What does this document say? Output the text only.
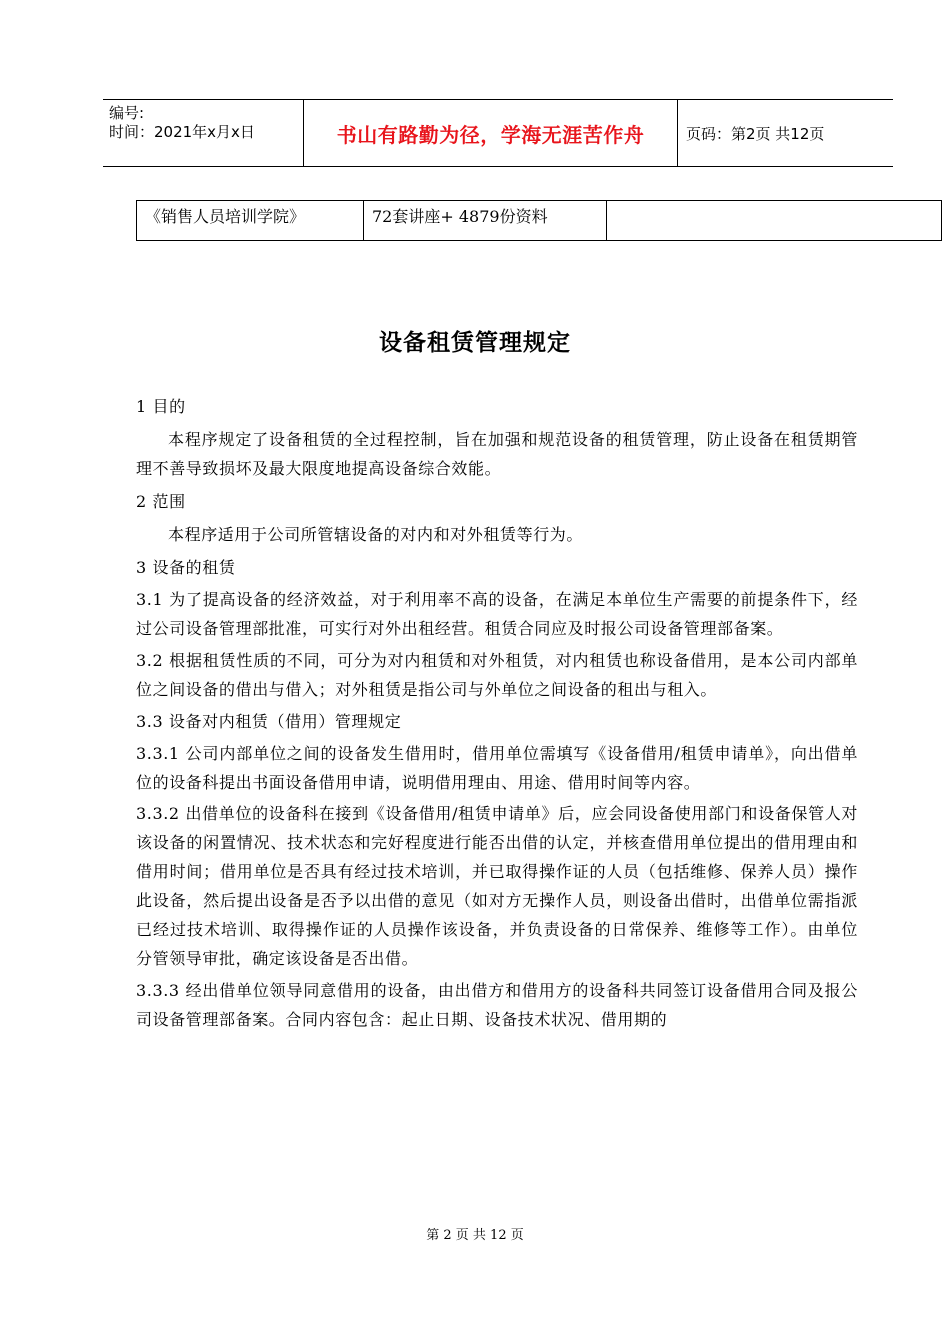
编号:
时间：2021年x月x日	书山有路勤为径，学海无涯苦作舟	页码：第2页 共12页
《销售人员培训学院》	72套讲座+ 4879份资料
设备租赁管理规定

1 目的

本程序规定了设备租赁的全过程控制，旨在加强和规范设备的租赁管理，防止设备在租赁期管理不善导致损坏及最大限度地提高设备综合效能。

2 范围

本程序适用于公司所管辖设备的对内和对外租赁等行为。

3 设备的租赁

3.1 为了提高设备的经济效益，对于利用率不高的设备，在满足本单位生产需要的前提条件下，经过公司设备管理部批准，可实行对外出租经营。租赁合同应及时报公司设备管理部备案。

3.2 根据租赁性质的不同，可分为对内租赁和对外租赁，对内租赁也称设备借用，是本公司内部单位之间设备的借出与借入；对外租赁是指公司与外单位之间设备的租出与租入。

3.3 设备对内租赁（借用）管理规定

3.3.1 公司内部单位之间的设备发生借用时，借用单位需填写《设备借用/租赁申请单》，向出借单位的设备科提出书面设备借用申请，说明借用理由、用途、借用时间等内容。

3.3.2 出借单位的设备科在接到《设备借用/租赁申请单》后，应会同设备使用部门和设备保管人对该设备的闲置情况、技术状态和完好程度进行能否出借的认定，并核查借用单位提出的借用理由和借用时间；借用单位是否具有经过技术培训，并已取得操作证的人员（包括维修、保养人员）操作此设备，然后提出设备是否予以出借的意见（如对方无操作人员，则设备出借时，出借单位需指派已经过技术培训、取得操作证的人员操作该设备，并负责设备的日常保养、维修等工作）。由单位分管领导审批，确定该设备是否出借。

3.3.3 经出借单位领导同意借用的设备，由出借方和借用方的设备科共同签订设备借用合同及报公司设备管理部备案。合同内容包含：起止日期、设备技术状况、借用期的

第 2 页 共 12 页
